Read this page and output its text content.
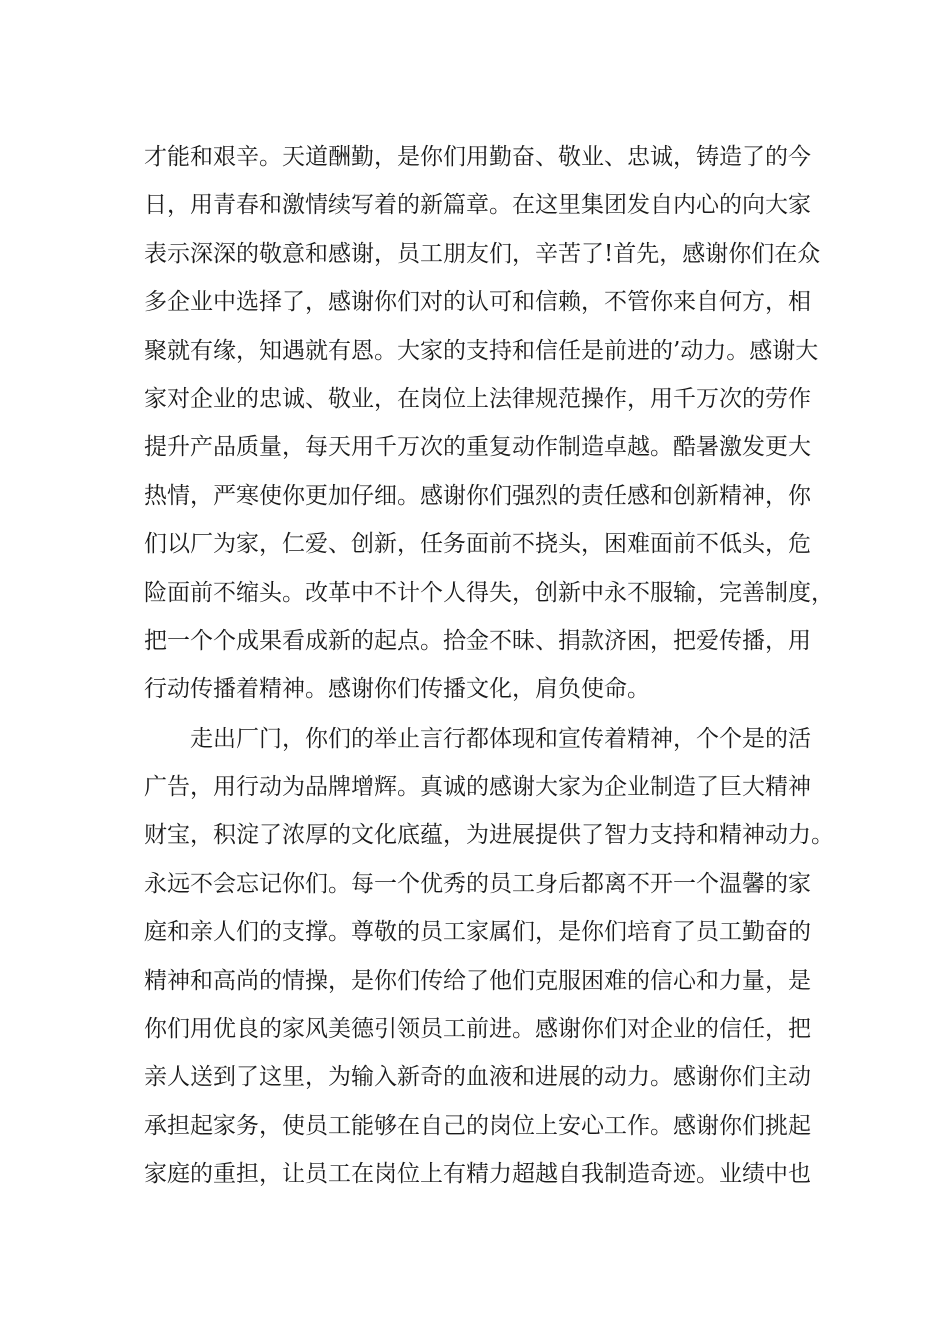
才能和艰辛。天道酬勤，是你们用勤奋、敬业、忠诚，铸造了的今
日，用青春和激情续写着的新篇章。在这里集团发自内心的向大家
表示深深的敬意和感谢，员工朋友们，辛苦了!首先，感谢你们在众
多企业中选择了，感谢你们对的认可和信赖，不管你来自何方，相
聚就有缘，知遇就有恩。大家的支持和信任是前进的’动力。感谢大
家对企业的忠诚、敬业，在岗位上法律规范操作，用千万次的劳作
提升产品质量，每天用千万次的重复动作制造卓越。酷暑激发更大
热情，严寒使你更加仔细。感谢你们强烈的责任感和创新精神，你
们以厂为家，仁爱、创新，任务面前不挠头，困难面前不低头，危
险面前不缩头。改革中不计个人得失，创新中永不服输，完善制度，
把一个个成果看成新的起点。拾金不昧、捐款济困，把爱传播，用
行动传播着精神。感谢你们传播文化，肩负使命。
走出厂门，你们的举止言行都体现和宣传着精神，个个是的活
广告，用行动为品牌增辉。真诚的感谢大家为企业制造了巨大精神
财宝，积淀了浓厚的文化底蕴，为进展提供了智力支持和精神动力。
永远不会忘记你们。每一个优秀的员工身后都离不开一个温馨的家
庭和亲人们的支撑。尊敬的员工家属们，是你们培育了员工勤奋的
精神和高尚的情操，是你们传给了他们克服困难的信心和力量，是
你们用优良的家风美德引领员工前进。感谢你们对企业的信任，把
亲人送到了这里，为输入新奇的血液和进展的动力。感谢你们主动
承担起家务，使员工能够在自己的岗位上安心工作。感谢你们挑起
家庭的重担，让员工在岗位上有精力超越自我制造奇迹。业绩中也
